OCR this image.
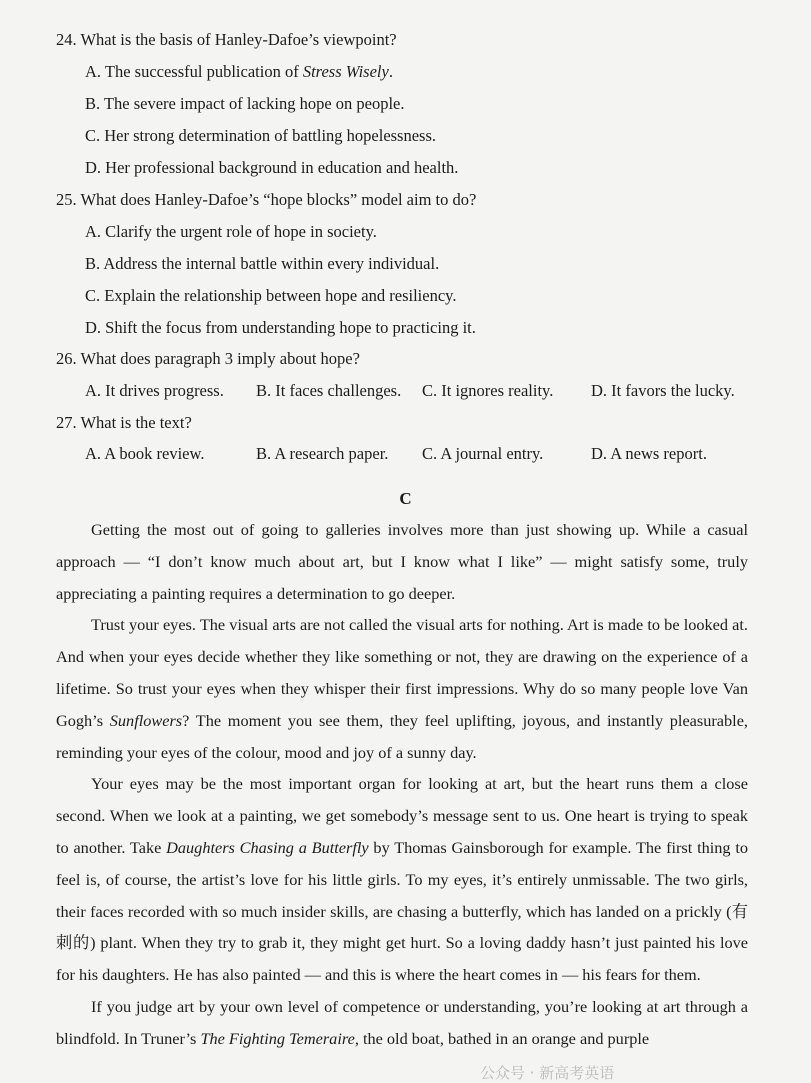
24. What is the basis of Hanley-Dafoe’s viewpoint?
A. The successful publication of Stress Wisely.
B. The severe impact of lacking hope on people.
C. Her strong determination of battling hopelessness.
D. Her professional background in education and health.
25. What does Hanley-Dafoe’s “hope blocks” model aim to do?
A. Clarify the urgent role of hope in society.
B. Address the internal battle within every individual.
C. Explain the relationship between hope and resiliency.
D. Shift the focus from understanding hope to practicing it.
26. What does paragraph 3 imply about hope?
A. It drives progress. B. It faces challenges. C. It ignores reality. D. It favors the lucky.
27. What is the text?
A. A book review.	B. A research paper. C. A journal entry.	D. A news report.
C

Getting the most out of going to galleries involves more than just showing up. While a casual approach — “I don’t know much about art, but I know what I like” — might satisfy some, truly appreciating a painting requires a determination to go deeper.

Trust your eyes. The visual arts are not called the visual arts for nothing. Art is made to be looked at. And when your eyes decide whether they like something or not, they are drawing on the experience of a lifetime. So trust your eyes when they whisper their first impressions. Why do so many people love Van Gogh’s Sunflowers? The moment you see them, they feel uplifting, joyous, and instantly pleasurable, reminding your eyes of the colour, mood and joy of a sunny day.

Your eyes may be the most important organ for looking at art, but the heart runs them a close second. When we look at a painting, we get somebody’s message sent to us. One heart is trying to speak to another. Take Daughters Chasing a Butterfly by Thomas Gainsborough for example. The first thing to feel is, of course, the artist’s love for his little girls. To my eyes, it’s entirely unmissable. The two girls, their faces recorded with so much insider skills, are chasing a butterfly, which has landed on a prickly (有刺的) plant. When they try to grab it, they might get hurt. So a loving daddy hasn’t just painted his love for his daughters. He has also painted — and this is where the heart comes in — his fears for them.

If you judge art by your own level of competence or understanding, you’re looking at art through a blindfold. In Truner’s The Fighting Temeraire, the old boat, bathed in an orange and purple

公众号 · 新高考英语
